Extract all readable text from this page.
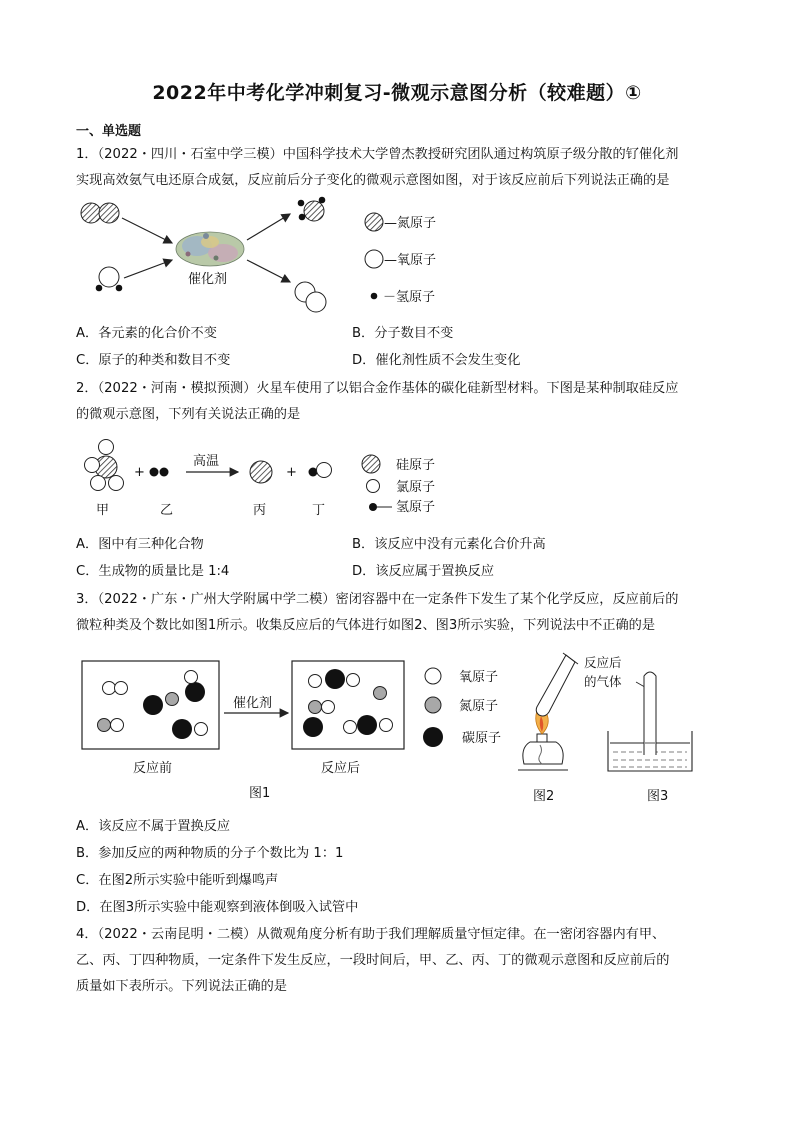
2022年中考化学冲刺复习-微观示意图分析（较难题）①
一、单选题
1．（2022・四川・石室中学三模）中国科学技术大学曾杰教授研究团队通过构筑原子级分散的钌催化剂
实现高效氨气电还原合成氨，反应前后分子变化的微观示意图如图，对于该反应前后下列说法正确的是
催化剂
—氮原子
—氧原子
－氢原子
A．各元素的化合价不变	B．分子数目不变
C．原子的种类和数目不变	D．催化剂性质不会发生变化
2．（2022・河南・模拟预测）火星车使用了以铝合金作基体的碳化硅新型材料。下图是某种制取硅反应
的微观示意图，下列有关说法正确的是
+
高温
+
甲	乙	丙	丁
硅原子
氯原子
氢原子
A．图中有三种化合物	B．该反应中没有元素化合价升高
C．生成物的质量比是 1:4	D．该反应属于置换反应
3．（2022・广东・广州大学附属中学二模）密闭容器中在一定条件下发生了某个化学反应，反应前后的
微粒种类及个数比如图1所示。收集反应后的气体进行如图2、图3所示实验，下列说法中不正确的是
反应前
催化剂
反应后
图1
氧原子
氮原子
碳原子
图2
反应后
的气体
图3
A．该反应不属于置换反应
B．参加反应的两种物质的分子个数比为 1：1
C．在图2所示实验中能听到爆鸣声
D．在图3所示实验中能观察到液体倒吸入试管中
4．（2022・云南昆明・二模）从微观角度分析有助于我们理解质量守恒定律。在一密闭容器内有甲、
乙、丙、丁四种物质，一定条件下发生反应，一段时间后，甲、乙、丙、丁的微观示意图和反应前后的
质量如下表所示。下列说法正确的是
